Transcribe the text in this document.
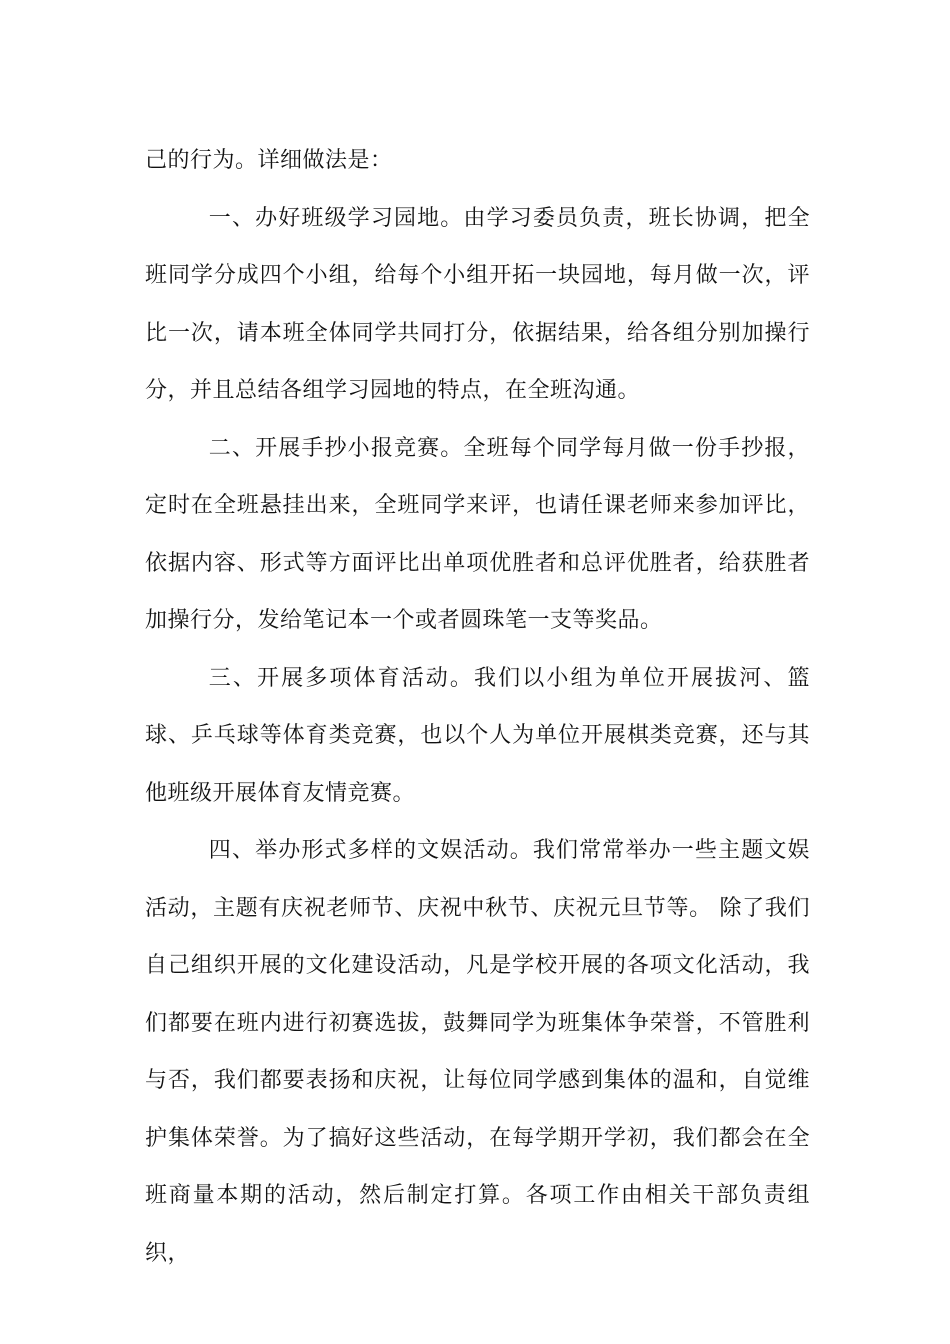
己的行为。详细做法是：

一、办好班级学习园地。由学习委员负责，班长协调，把全班同学分成四个小组，给每个小组开拓一块园地，每月做一次，评比一次，请本班全体同学共同打分，依据结果，给各组分别加操行分，并且总结各组学习园地的特点，在全班沟通。

二、开展手抄小报竞赛。全班每个同学每月做一份手抄报，定时在全班悬挂出来，全班同学来评，也请任课老师来参加评比，依据内容、形式等方面评比出单项优胜者和总评优胜者，给获胜者加操行分，发给笔记本一个或者圆珠笔一支等奖品。

三、开展多项体育活动。我们以小组为单位开展拔河、篮球、乒乓球等体育类竞赛，也以个人为单位开展棋类竞赛，还与其他班级开展体育友情竞赛。

四、举办形式多样的文娱活动。我们常常举办一些主题文娱活动，主题有庆祝老师节、庆祝中秋节、庆祝元旦节等。 除了我们自己组织开展的文化建设活动，凡是学校开展的各项文化活动，我们都要在班内进行初赛选拔，鼓舞同学为班集体争荣誉，不管胜利与否，我们都要表扬和庆祝，让每位同学感到集体的温和，自觉维护集体荣誉。为了搞好这些活动，在每学期开学初，我们都会在全班商量本期的活动，然后制定打算。各项工作由相关干部负责组织，
